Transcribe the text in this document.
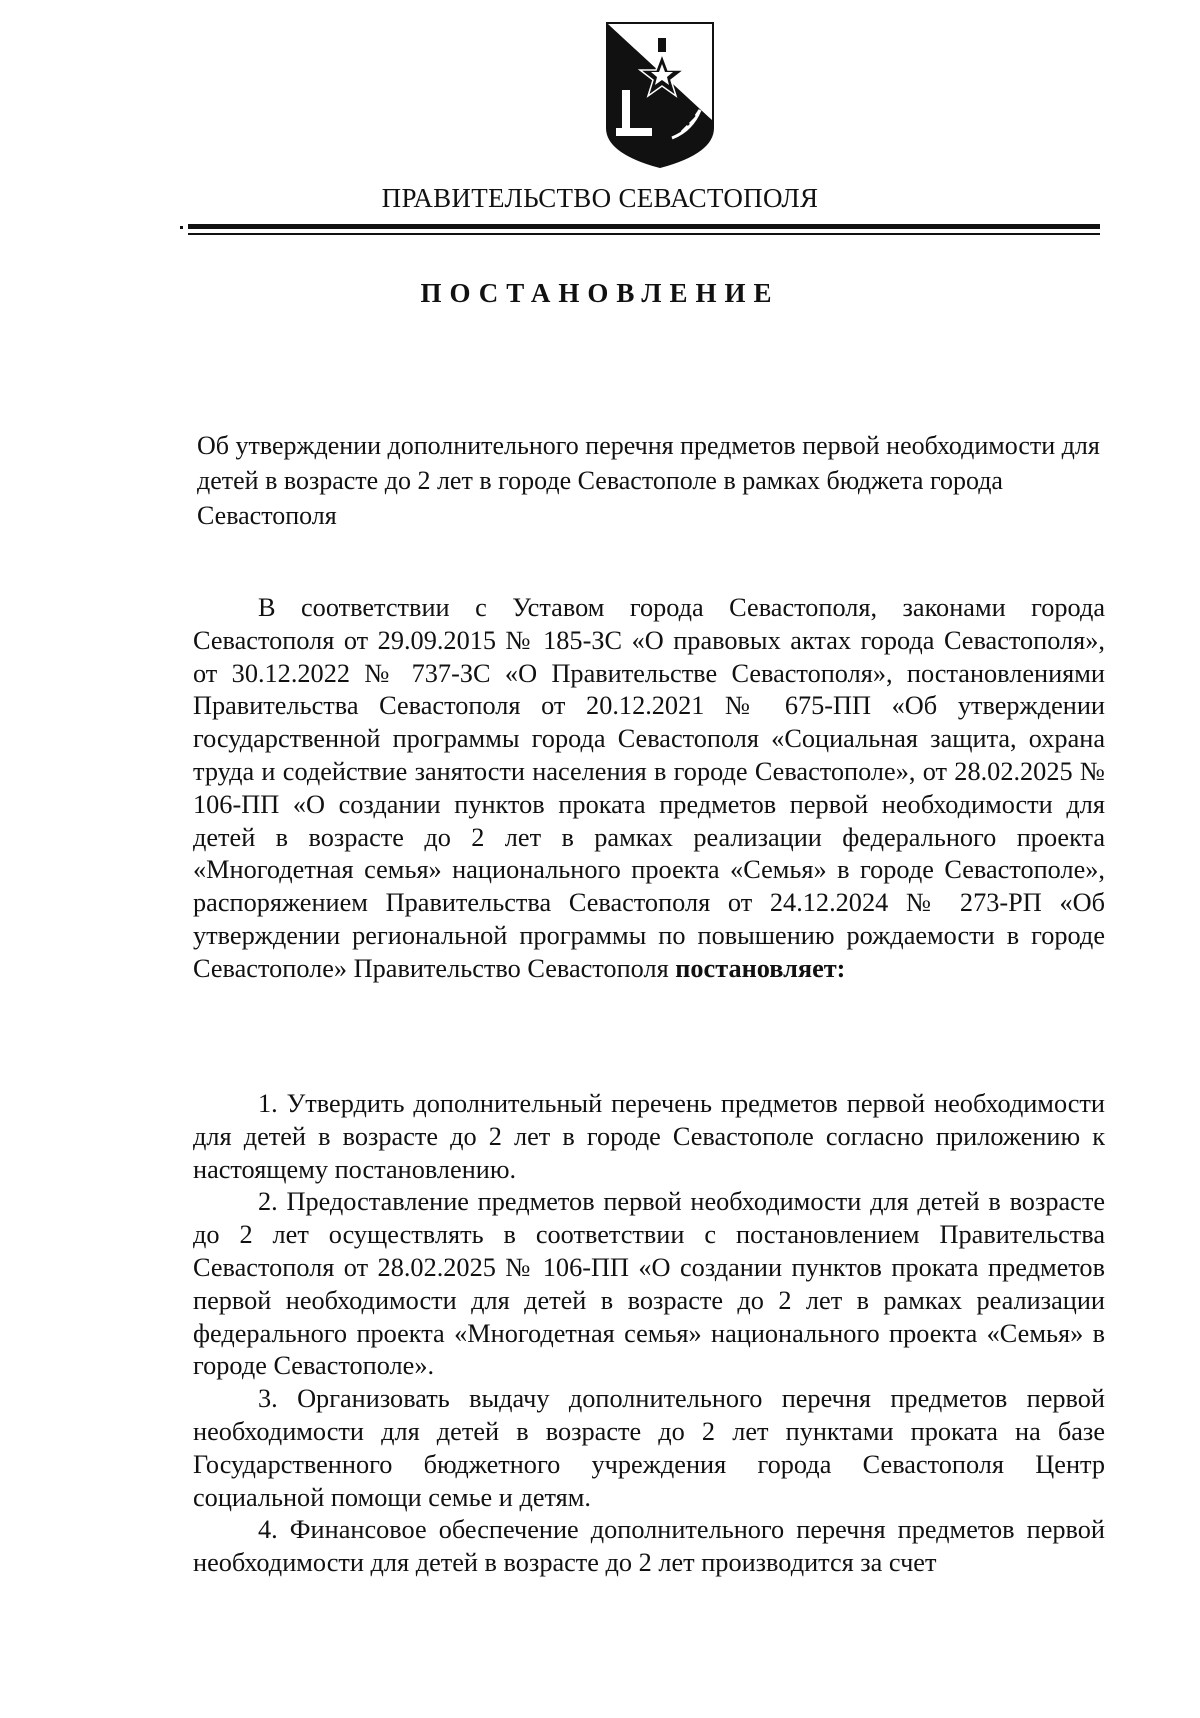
ПРАВИТЕЛЬСТВО СЕВАСТОПОЛЯ
ПОСТАНОВЛЕНИЕ
Об утверждении дополнительного перечня предметов первой необходимости для детей в возрасте до 2 лет в городе Севастополе в рамках бюджета города Севастополя

В соответствии с Уставом города Севастополя, законами города Севастополя от 29.09.2015 № 185-ЗС «О правовых актах города Севастополя», от 30.12.2022 № 737-ЗС «О Правительстве Севастополя», постановлениями Правительства Севастополя от 20.12.2021 № 675-ПП «Об утверждении государственной программы города Севастополя «Социальная защита, охрана труда и содействие занятости населения в городе Севастополе», от 28.02.2025 № 106-ПП «О создании пунктов проката предметов первой необходимости для детей в возрасте до 2 лет в рамках реализации федерального проекта «Многодетная семья» национального проекта «Семья» в городе Севастополе», распоряжением Правительства Севастополя от 24.12.2024 № 273-РП «Об утверждении региональной программы по повышению рождаемости в городе Севастополе» Правительство Севастополя постановляет:

1. Утвердить дополнительный перечень предметов первой необходимости для детей в возрасте до 2 лет в городе Севастополе согласно приложению к настоящему постановлению.

2. Предоставление предметов первой необходимости для детей в возрасте до 2 лет осуществлять в соответствии с постановлением Правительства Севастополя от 28.02.2025 № 106-ПП «О создании пунктов проката предметов первой необходимости для детей в возрасте до 2 лет в рамках реализации федерального проекта «Многодетная семья» национального проекта «Семья» в городе Севастополе».

3. Организовать выдачу дополнительного перечня предметов первой необходимости для детей в возрасте до 2 лет пунктами проката на базе Государственного бюджетного учреждения города Севастополя Центр социальной помощи семье и детям.

4. Финансовое обеспечение дополнительного перечня предметов первой необходимости для детей в возрасте до 2 лет производится за счет
